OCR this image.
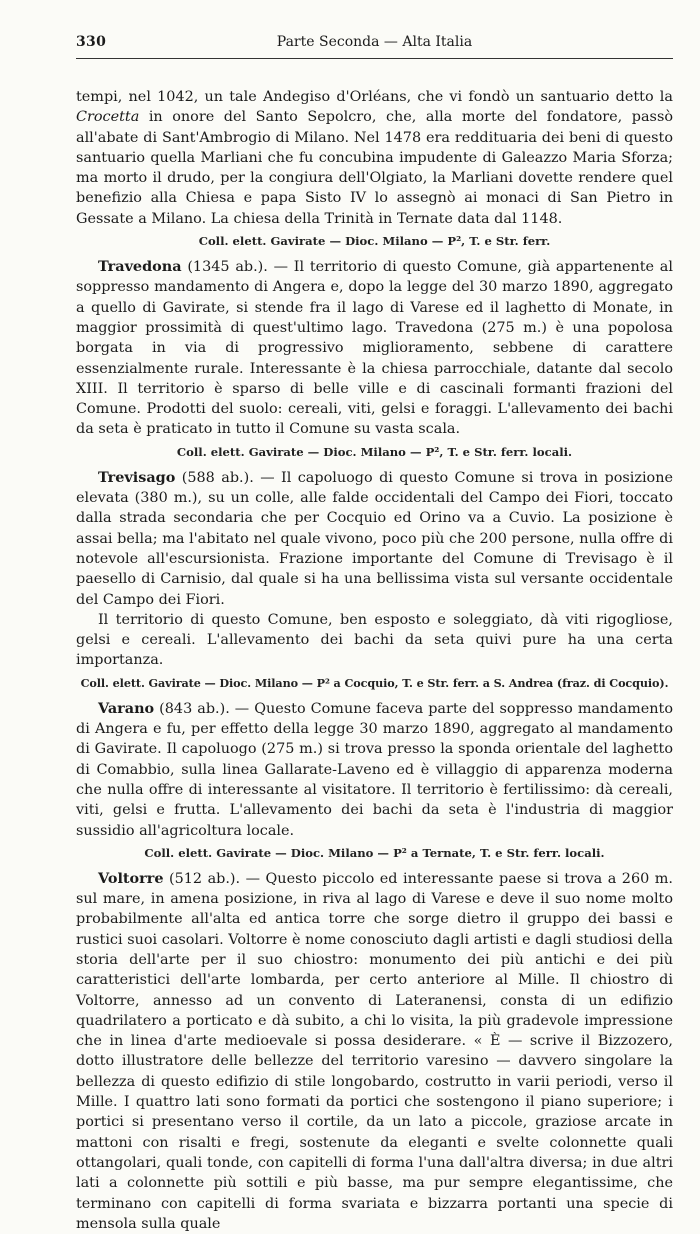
330	Parte Seconda — Alta Italia

tempi, nel 1042, un tale Andegiso d'Orléans, che vi fondò un santuario detto la Crocetta in onore del Santo Sepolcro, che, alla morte del fondatore, passò all'abate di Sant'Ambrogio di Milano. Nel 1478 era reddituaria dei beni di questo santuario quella Marliani che fu concubina impudente di Galeazzo Maria Sforza; ma morto il drudo, per la congiura dell'Olgiato, la Marliani dovette rendere quel benefizio alla Chiesa e papa Sisto IV lo assegnò ai monaci di San Pietro in Gessate a Milano. La chiesa della Trinità in Ternate data dal 1148.

Coll. elett. Gavirate — Dioc. Milano — P², T. e Str. ferr.

Travedona (1345 ab.). — Il territorio di questo Comune, già appartenente al soppresso mandamento di Angera e, dopo la legge del 30 marzo 1890, aggregato a quello di Gavirate, si stende fra il lago di Varese ed il laghetto di Monate, in maggior prossimità di quest'ultimo lago. Travedona (275 m.) è una popolosa borgata in via di progressivo miglioramento, sebbene di carattere essenzialmente rurale. Interessante è la chiesa parrocchiale, datante dal secolo XIII. Il territorio è sparso di belle ville e di cascinali formanti frazioni del Comune. Prodotti del suolo: cereali, viti, gelsi e foraggi. L'allevamento dei bachi da seta è praticato in tutto il Comune su vasta scala.

Coll. elett. Gavirate — Dioc. Milano — P², T. e Str. ferr. locali.

Trevisago (588 ab.). — Il capoluogo di questo Comune si trova in posizione elevata (380 m.), su un colle, alle falde occidentali del Campo dei Fiori, toccato dalla strada secondaria che per Cocquio ed Orino va a Cuvio. La posizione è assai bella; ma l'abitato nel quale vivono, poco più che 200 persone, nulla offre di notevole all'escursionista. Frazione importante del Comune di Trevisago è il paesello di Carnisio, dal quale si ha una bellissima vista sul versante occidentale del Campo dei Fiori.

Il territorio di questo Comune, ben esposto e soleggiato, dà viti rigogliose, gelsi e cereali. L'allevamento dei bachi da seta quivi pure ha una certa importanza.

Coll. elett. Gavirate — Dioc. Milano — P² a Cocquio, T. e Str. ferr. a S. Andrea (fraz. di Cocquio).

Varano (843 ab.). — Questo Comune faceva parte del soppresso mandamento di Angera e fu, per effetto della legge 30 marzo 1890, aggregato al mandamento di Gavirate. Il capoluogo (275 m.) si trova presso la sponda orientale del laghetto di Comabbio, sulla linea Gallarate-Laveno ed è villaggio di apparenza moderna che nulla offre di interessante al visitatore. Il territorio è fertilissimo: dà cereali, viti, gelsi e frutta. L'allevamento dei bachi da seta è l'industria di maggior sussidio all'agricoltura locale.

Coll. elett. Gavirate — Dioc. Milano — P² a Ternate, T. e Str. ferr. locali.

Voltorre (512 ab.). — Questo piccolo ed interessante paese si trova a 260 m. sul mare, in amena posizione, in riva al lago di Varese e deve il suo nome molto probabilmente all'alta ed antica torre che sorge dietro il gruppo dei bassi e rustici suoi casolari. Voltorre è nome conosciuto dagli artisti e dagli studiosi della storia dell'arte per il suo chiostro: monumento dei più antichi e dei più caratteristici dell'arte lombarda, per certo anteriore al Mille. Il chiostro di Voltorre, annesso ad un convento di Lateranensi, consta di un edifizio quadrilatero a porticato e dà subito, a chi lo visita, la più gradevole impressione che in linea d'arte medioevale si possa desiderare. « È — scrive il Bizzozero, dotto illustratore delle bellezze del territorio varesino — davvero singolare la bellezza di questo edifizio di stile longobardo, costrutto in varii periodi, verso il Mille. I quattro lati sono formati da portici che sostengono il piano superiore; i portici si presentano verso il cortile, da un lato a piccole, graziose arcate in mattoni con risalti e fregi, sostenute da eleganti e svelte colonnette quali ottangolari, quali tonde, con capitelli di forma l'una dall'altra diversa; in due altri lati a colonnette più sottili e più basse, ma pur sempre elegantissime, che terminano con capitelli di forma svariata e bizzarra portanti una specie di mensola sulla quale
